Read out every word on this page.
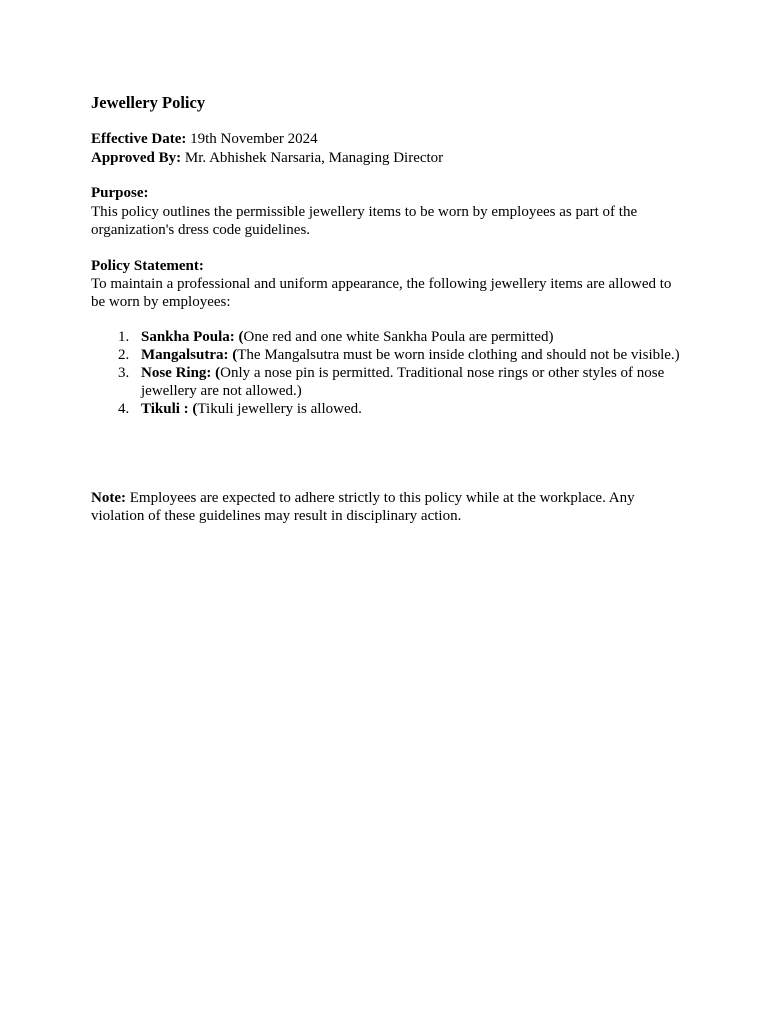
Jewellery Policy
Effective Date: 19th November 2024
Approved By: Mr. Abhishek Narsaria, Managing Director
Purpose:
This policy outlines the permissible jewellery items to be worn by employees as part of the organization's dress code guidelines.
Policy Statement:
To maintain a professional and uniform appearance, the following jewellery items are allowed to be worn by employees:
1. Sankha Poula: (One red and one white Sankha Poula are permitted)
2. Mangalsutra: (The Mangalsutra must be worn inside clothing and should not be visible.)
3. Nose Ring: (Only a nose pin is permitted. Traditional nose rings or other styles of nose jewellery are not allowed.)
4. Tikuli : (Tikuli jewellery is allowed.
Note: Employees are expected to adhere strictly to this policy while at the workplace. Any violation of these guidelines may result in disciplinary action.
